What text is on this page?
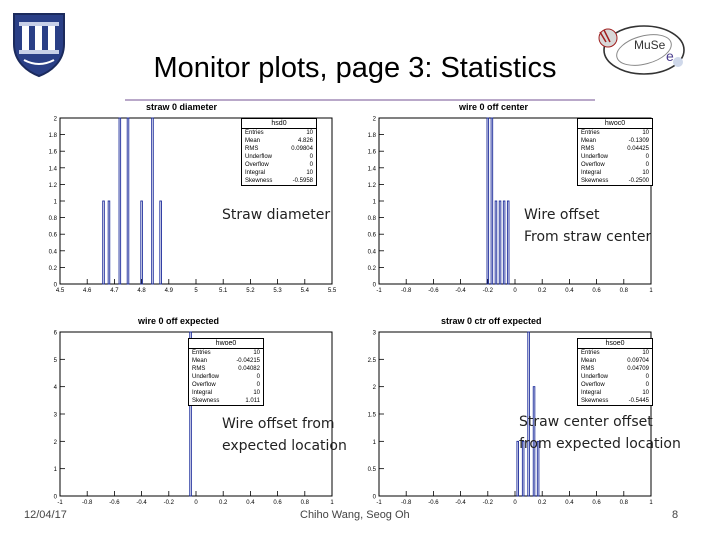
MuSe
e
Monitor plots, page 3: Statistics
straw 0 diameter
0
0.2
0.4
0.6
0.8
1
1.2
1.4
1.6
1.8
2
4.5	4.6	4.7	4.8	4.9	5	5.1	5.2	5.3	5.4	5.5
hsd0
Entries	10
Mean	4.826
RMS	0.09804
Underflow	0
Overflow	0
Integral	10
Skewness	-0.5958
wire 0 off center
0
0.2
0.4
0.6
0.8
1
1.2
1.4
1.6
1.8
2
-1	-0.8	-0.6	-0.4	-0.2	0	0.2	0.4	0.6	0.8	1
hwoc0
Entries	10
Mean	-0.1309
RMS	0.04425
Underflow	0
Overflow	0
Integral	10
Skewness	-0.2500
wire 0 off expected
0
1
2
3
4
5
6
-1	-0.8	-0.6	-0.4	-0.2	0	0.2	0.4	0.6	0.8	1
hwoe0
Entries	10
Mean	-0.04215
RMS	0.04082
Underflow	0
Overflow	0
Integral	10
Skewness	1.011
straw 0 ctr off expected
0
0.5
1
1.5
2
2.5
3
-1	-0.8	-0.6	-0.4	-0.2	0	0.2	0.4	0.6	0.8	1
hsoe0
Entries	10
Mean	0.09704
RMS	0.04709
Underflow	0
Overflow	0
Integral	10
Skewness	-0.5445
Straw diameter	Wire offset
From straw center
Wire offset from
expected location
Straw center offset
from expected location
12/04/17	Chiho Wang, Seog Oh	8
